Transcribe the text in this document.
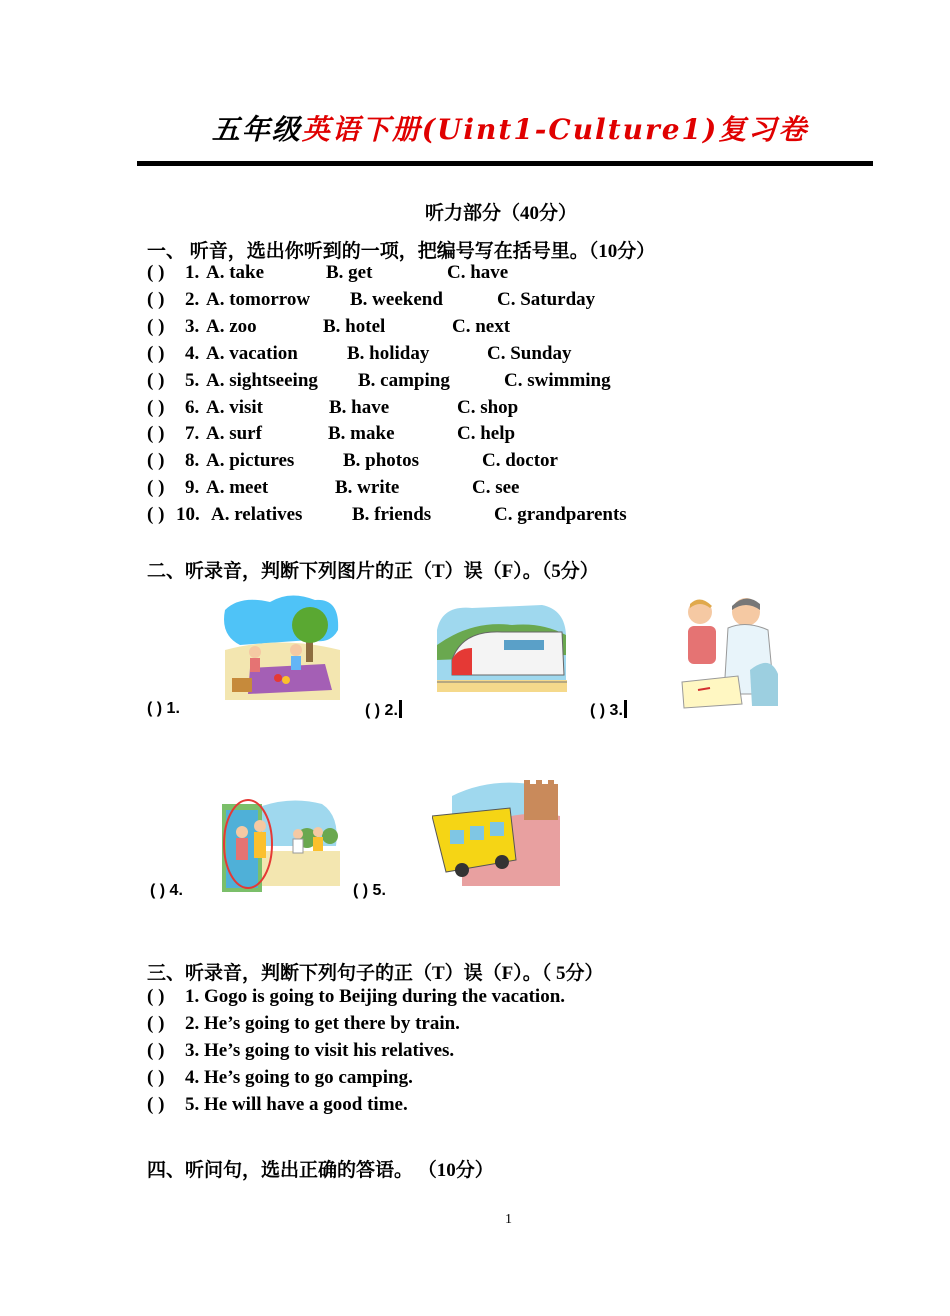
五年级英语下册(Uint1-Culture1)复习卷
听力部分（40分）
一、 听音，选出你听到的一项，把编号写在括号里。（10分）
( ) 1. A. take	B. get	C. have
( ) 2. A. tomorrow B. weekend	C. Saturday
( ) 3. A. zoo	B. hotel	C. next
( ) 4. A. vacation	B. holiday	C. Sunday
( ) 5. A. sightseeing B. camping	C. swimming
( ) 6. A. visit	B. have	C. shop
( ) 7. A. surf	B. make	C. help
( ) 8. A. pictures	B. photos	C. doctor
( ) 9. A. meet	B. write	C. see
( ) 10. A. relatives	B. friends	C. grandparents
二、听录音，判断下列图片的正（T）误（F）。（5分）
( ) 1.	( ) 2.	( ) 3.
( ) 4.	( ) 5.
三、听录音，判断下列句子的正（T）误（F）。（ 5分）
( ) 1. Gogo is going to Beijing during the vacation.
( ) 2. He’s going to get there by train.
( ) 3. He’s going to visit his relatives.
( ) 4. He’s going to go camping.
( ) 5. He will have a good time.
四、听问句，选出正确的答语。 （10分）
1
